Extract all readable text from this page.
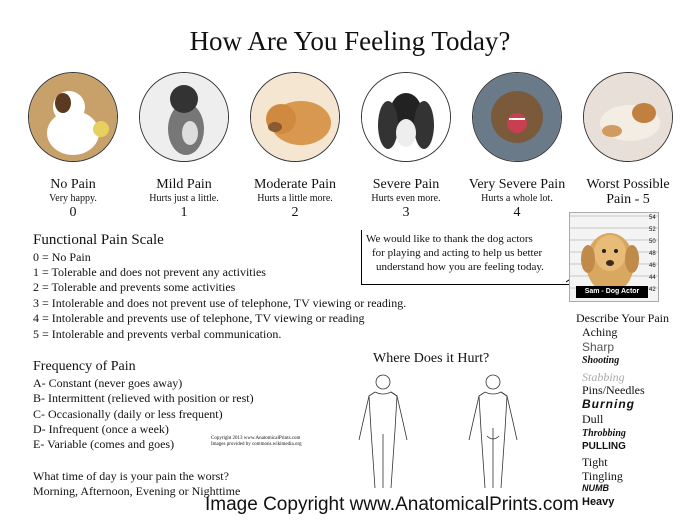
How Are You Feeling Today?
No Pain
Very happy.
0
Mild Pain
Hurts just a little.
1
Moderate Pain
Hurts a little more.
2
Severe Pain
Hurts even more.
3
Very Severe Pain
Hurts a whole lot.
4
Worst Possible
Pain - 5
Functional Pain Scale
0 = No Pain
1 = Tolerable and does not prevent any activities
2 = Tolerable and prevents some activities
3 = Intolerable and does not prevent use of telephone, TV viewing or reading.
4 = Intolerable and prevents use of telephone, TV viewing or reading
5 = Intolerable and prevents verbal communication.
We would like to thank the dog actors
for playing and acting to help us better
understand how you are feeling today.
54
52
50
48
46
44
42
Sam - Dog Actor
Describe Your Pain
Aching
Sharp
Shooting
Stabbing
Pins/Needles
Burning
Dull
Throbbing
PULLING
Tight
Tingling
NUMB
Heavy
Where Does it Hurt?
Frequency of Pain
A- Constant (never goes away)
B- Intermittent (relieved with position or rest)
C- Occasionally (daily or less frequent)
D- Infrequent (once a week)
E- Variable (comes and goes)	Copyright 2013 www.AnatomicalPrints.com
Images provided by commons.wikimedia.org
What time of day is your pain the worst?
Morning, Afternoon, Evening or Nighttime
Image Copyright www.AnatomicalPrints.com
